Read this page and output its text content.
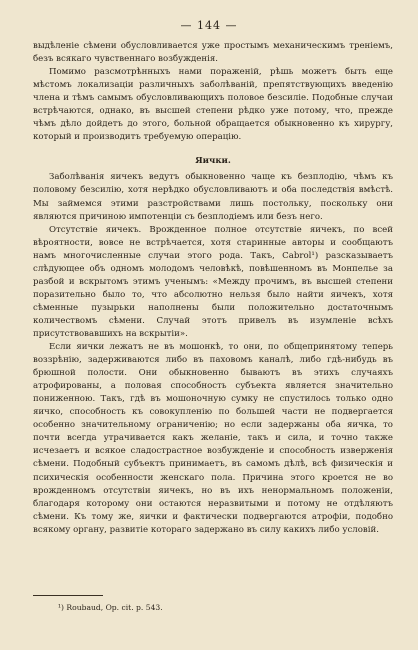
— 144 —

выдѣленіе сѣмени обусловливается уже простымъ механическимъ треніемъ, безъ всякаго чувственнаго возбужденія.

Помимо разсмотрѣнныхъ нами пораженій, рѣшь можетъ быть еще мѣстомъ локализаціи различныхъ заболѣваній, препятствующихъ введенію члена и тѣмъ самымъ обусловливающихъ половое безсиліе. Подобные случаи встрѣчаются, однако, въ высшей степени рѣдко уже потому, что, прежде чѣмъ дѣло дойдетъ до этого, больной обращается обыкновенно къ хирургу, который и производитъ требуемую операцію.

Яички.

Заболѣванія яичекъ ведутъ обыкновенно чаще къ безплодію, чѣмъ къ половому безсилію, хотя нерѣдко обусловливаютъ и оба последствія вмѣстѣ. Мы займемся этими разстройствами лишь постольку, поскольку они являются причиною импотенціи съ безплодіемъ или безъ него.

Отсутствіе яичекъ. Врожденное полное отсутствіе яичекъ, по всей вѣроятности, вовсе не встрѣчается, хотя старинные авторы и сообщаютъ намъ многочисленные случаи этого рода. Такъ, Cabrol¹) разсказываетъ слѣдующее объ одномъ молодомъ человѣкѣ, повѣшенномъ въ Монпелье за разбой и вскрытомъ этимъ ученымъ: «Между прочимъ, въ высшей степени поразительно было то, что абсолютно нельзя было найти яичекъ, хотя сѣменные пузырьки наполнены были положительно достаточнымъ количествомъ сѣмени. Случай этотъ привелъ въ изумленіе всѣхъ присутствовавшихъ на вскрытіи».

Если яички лежатъ не въ мошонкѣ, то они, по общепринятому теперь воззрѣнію, задерживаются либо въ паховомъ каналѣ, либо гдѣ-нибудь въ брюшной полости. Они обыкновенно бываютъ въ этихъ случаяхъ атрофированы, а половая способность субъекта является значительно пониженною. Такъ, гдѣ въ мошоночную сумку не спустилось только одно яичко, способность къ совокупленію по большей части не подвергается особенно значительному ограниченію; но если задержаны оба яичка, то почти всегда утрачивается какъ желаніе, такъ и сила, и точно также исчезаетъ и всякое сладострастное возбужденіе и способность изверженія сѣмени. Подобный субъектъ принимаетъ, въ самомъ дѣлѣ, всѣ физическія и психическія особенности женскаго пола. Причина этого кроется не во врожденномъ отсутствіи яичекъ, но въ ихъ ненормальномъ положеніи, благодаря которому они остаются неразвитыми и потому не отдѣляютъ сѣмени. Къ тому же, яички и фактически подвергаются атрофіи, подобно всякому органу, развитіе котораго задержано въ силу какихъ либо условій.

¹) Roubaud, Op. cit. p. 543.
